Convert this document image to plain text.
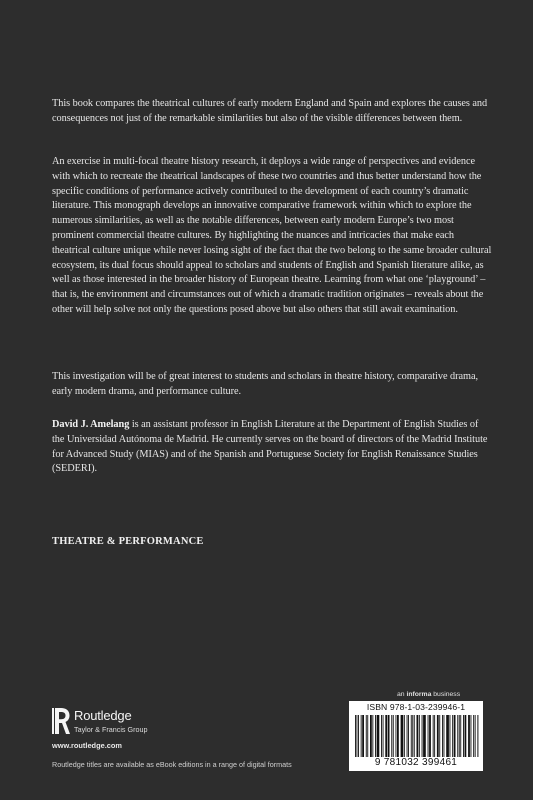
This book compares the theatrical cultures of early modern England and Spain and explores the causes and consequences not just of the remarkable similarities but also of the visible differences between them.

An exercise in multi-focal theatre history research, it deploys a wide range of perspectives and evidence with which to recreate the theatrical landscapes of these two countries and thus better understand how the specific conditions of performance actively contributed to the development of each country’s dramatic literature. This monograph develops an innovative comparative framework within which to explore the numerous similarities, as well as the notable differences, between early modern Europe’s two most prominent commercial theatre cultures. By highlighting the nuances and intricacies that make each theatrical culture unique while never losing sight of the fact that the two belong to the same broader cultural ecosystem, its dual focus should appeal to scholars and students of English and Spanish literature alike, as well as those interested in the broader history of European theatre. Learning from what one ‘playground’ – that is, the environment and circumstances out of which a dramatic tradition originates – reveals about the other will help solve not only the questions posed above but also others that still await examination.

This investigation will be of great interest to students and scholars in theatre history, comparative drama, early modern drama, and performance culture.

David J. Amelang is an assistant professor in English Literature at the Department of English Studies of the Universidad Autónoma de Madrid. He currently serves on the board of directors of the Madrid Institute for Advanced Study (MIAS) and of the Spanish and Portuguese Society for English Renaissance Studies (SEDERI).

THEATRE & PERFORMANCE
Routledge
Taylor & Francis Group
www.routledge.com
Routledge titles are available as eBook editions in a range of digital formats
an informa business
ISBN 978-1-03-239946-1
9 781032 399461
